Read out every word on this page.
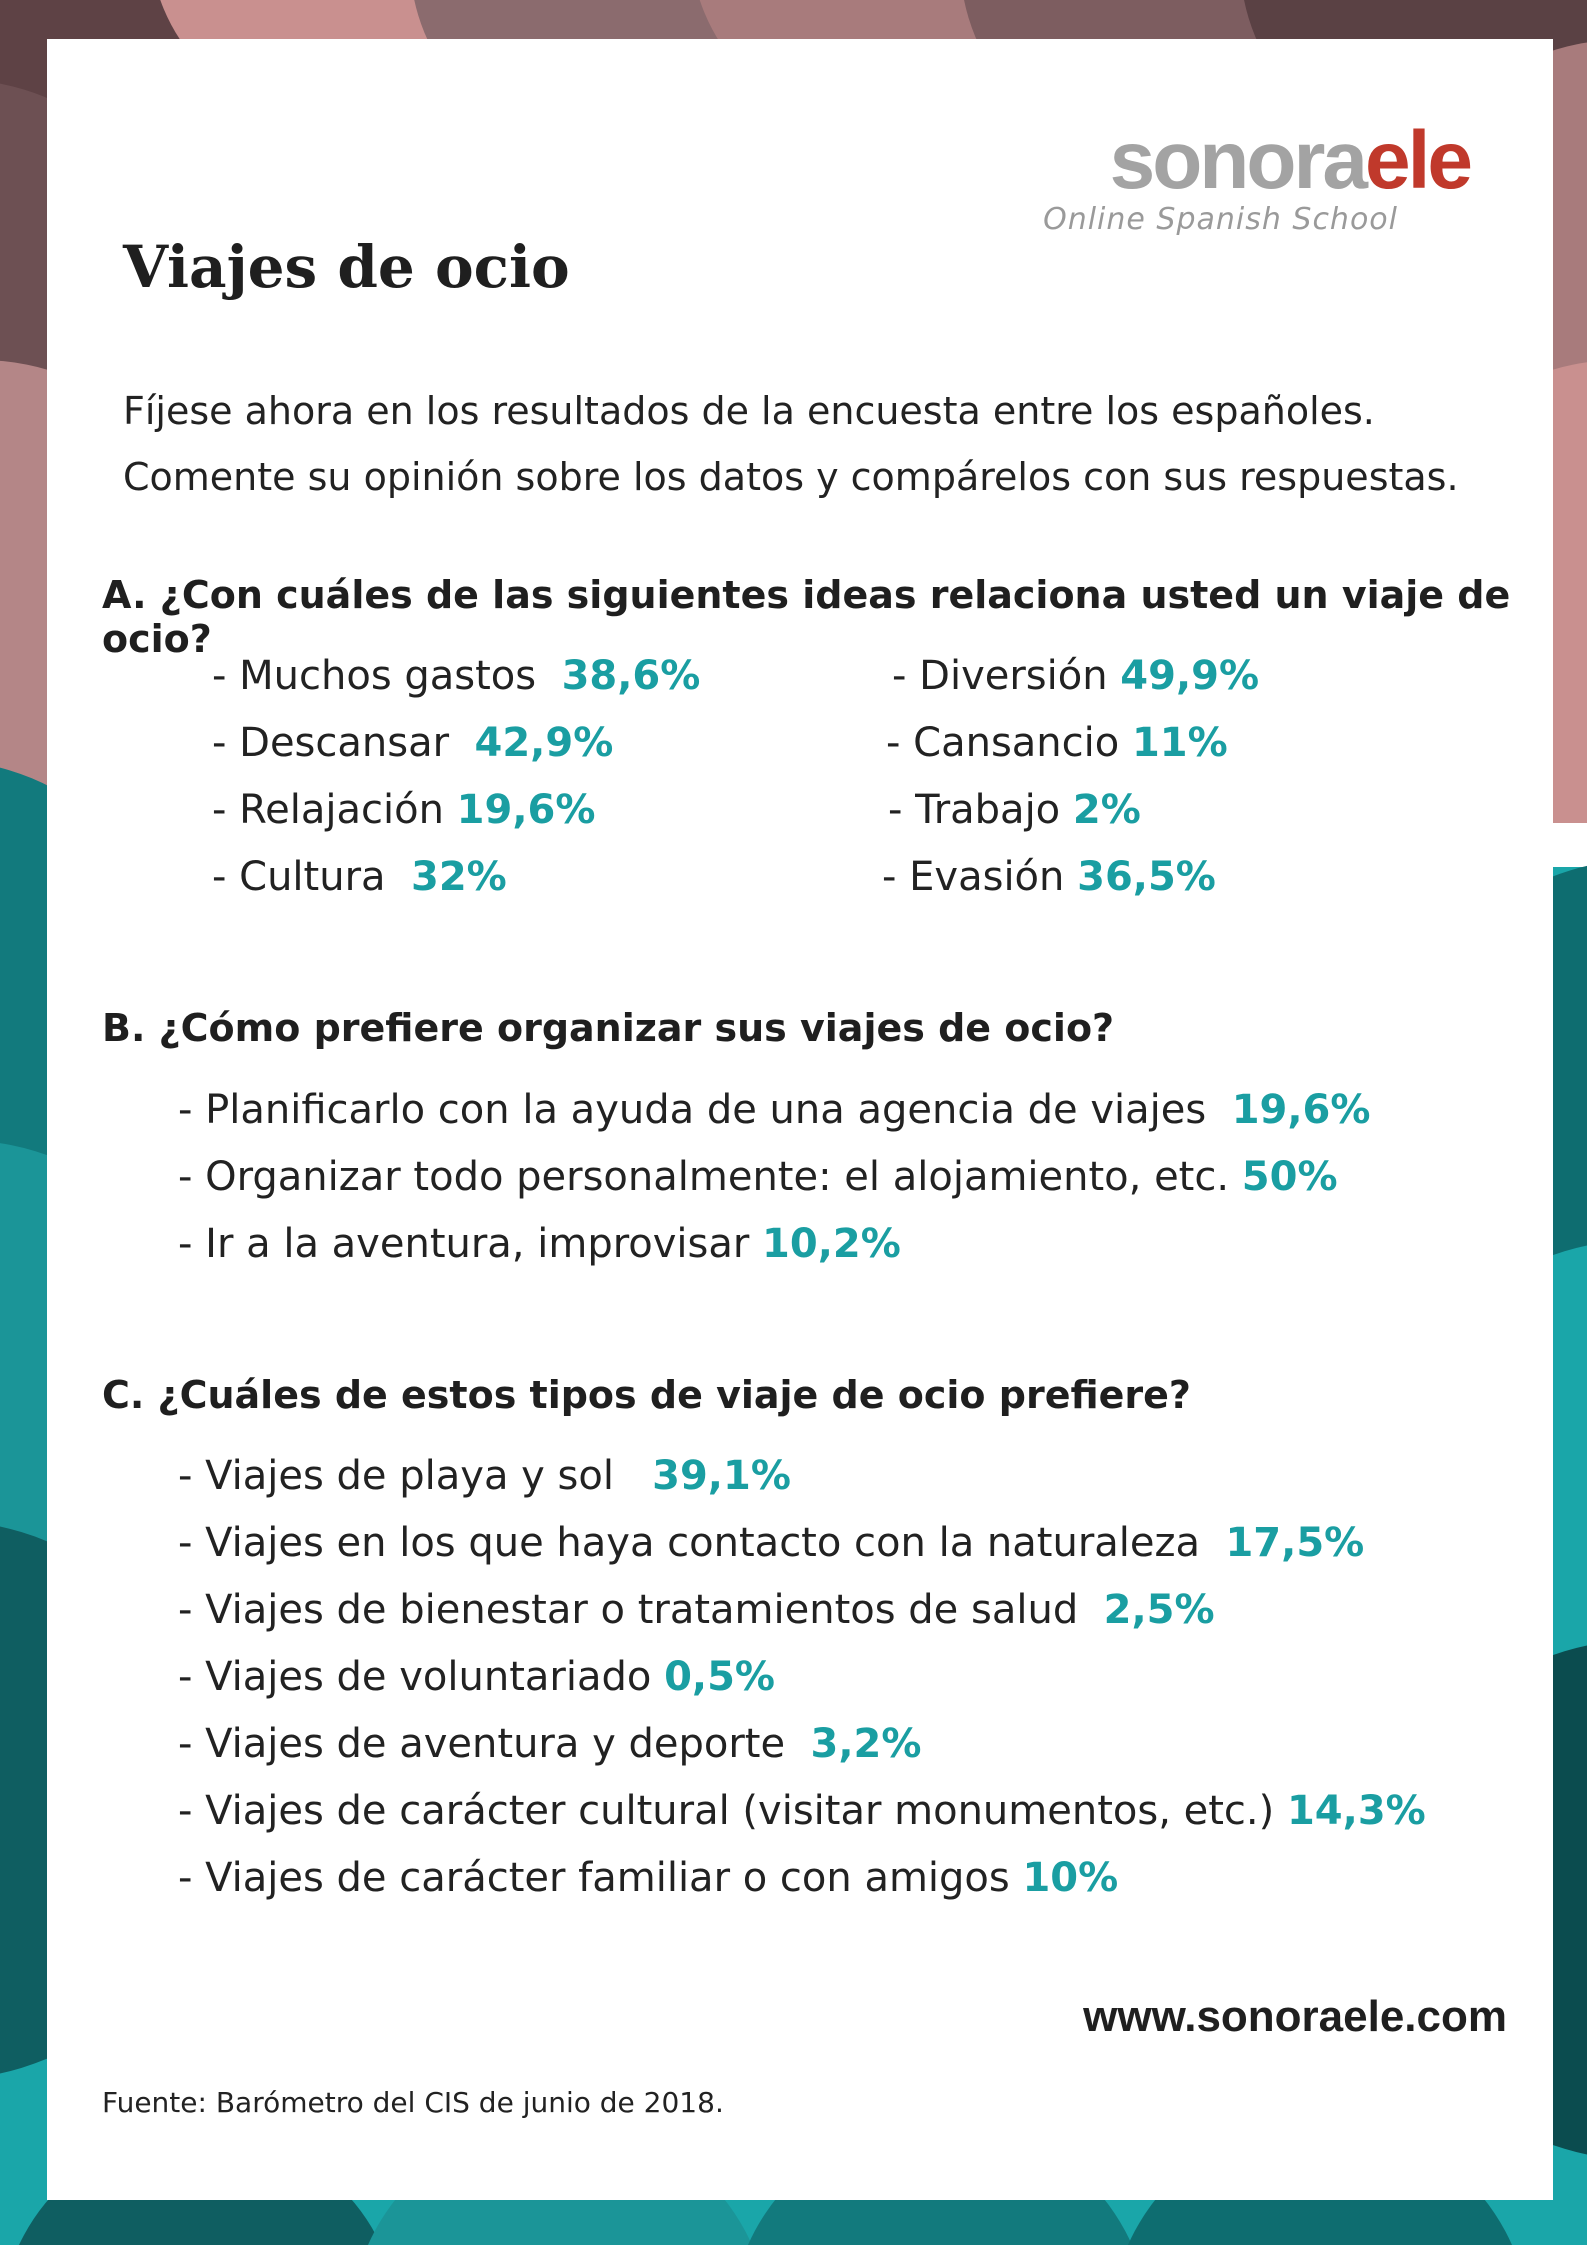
sonoraele
Online Spanish School
Viajes de ocio

Fíjese ahora en los resultados de la encuesta entre los españoles.

Comente su opinión sobre los datos y compárelos con sus respuestas.

A. ¿Con cuáles de las siguientes ideas relaciona usted un viaje de ocio?
- Muchos gastos 38,6%
- Descansar 42,9%
- Relajación 19,6%
- Cultura 32%
- Diversión 49,9%
- Cansancio 11%
- Trabajo 2%
- Evasión 36,5%
B. ¿Cómo prefiere organizar sus viajes de ocio?
- Planificarlo con la ayuda de una agencia de viajes 19,6%
- Organizar todo personalmente: el alojamiento, etc. 50%
- Ir a la aventura, improvisar 10,2%
C. ¿Cuáles de estos tipos de viaje de ocio prefiere?
- Viajes de playa y sol 39,1%
- Viajes en los que haya contacto con la naturaleza 17,5%
- Viajes de bienestar o tratamientos de salud 2,5%
- Viajes de voluntariado 0,5%
- Viajes de aventura y deporte 3,2%
- Viajes de carácter cultural (visitar monumentos, etc.) 14,3%
- Viajes de carácter familiar o con amigos 10%
www.sonoraele.com
Fuente: Barómetro del CIS de junio de 2018.
